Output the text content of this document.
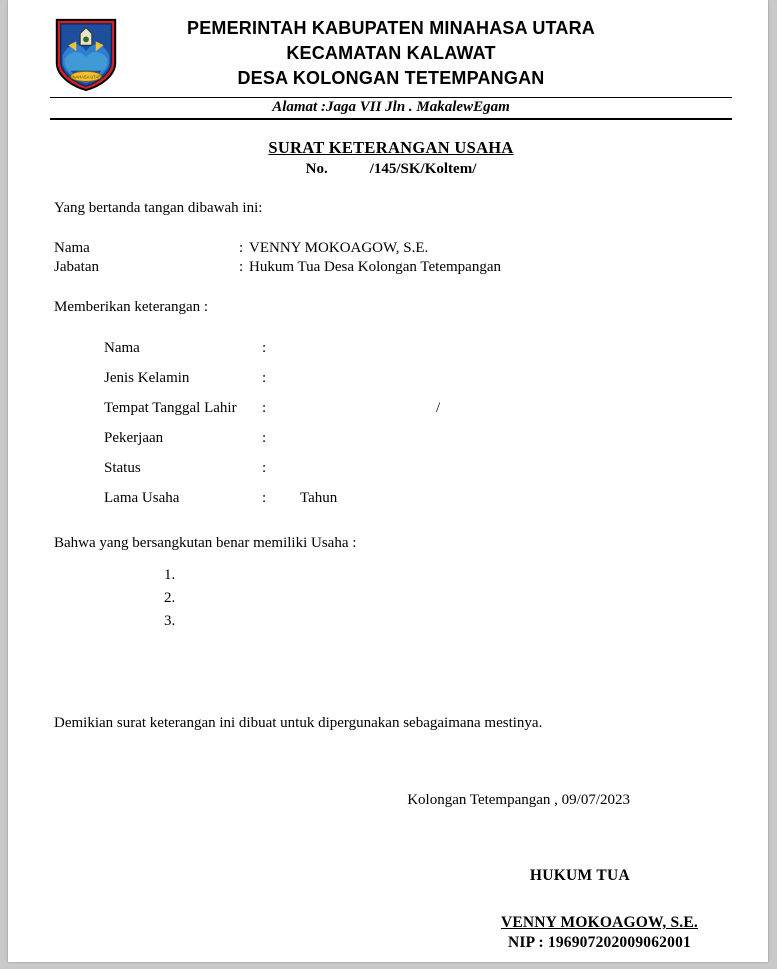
MINAHASA UTARA
PEMERINTAH KABUPATEN MINAHASA UTARA
KECAMATAN KALAWAT
DESA KOLONGAN TETEMPANGAN
Alamat :Jaga VII Jln . MakalewEgam
SURAT KETERANGAN USAHA
No.	/145/SK/Koltem/
Yang bertanda tangan dibawah ini:
Nama	: VENNY MOKOAGOW, S.E.
Jabatan	: Hukum Tua Desa Kolongan Tetempangan
Memberikan keterangan :
Nama	:
Jenis Kelamin	:
Tempat Tanggal Lahir	:	/
Pekerjaan	:
Status	:
Lama Usaha	:	Tahun
Bahwa yang bersangkutan benar memiliki Usaha :
1.
2.
3.
Demikian surat keterangan ini dibuat untuk dipergunakan sebagaimana mestinya.
Kolongan Tetempangan , 09/07/2023
HUKUM TUA
VENNY MOKOAGOW, S.E.
NIP : 196907202009062001
